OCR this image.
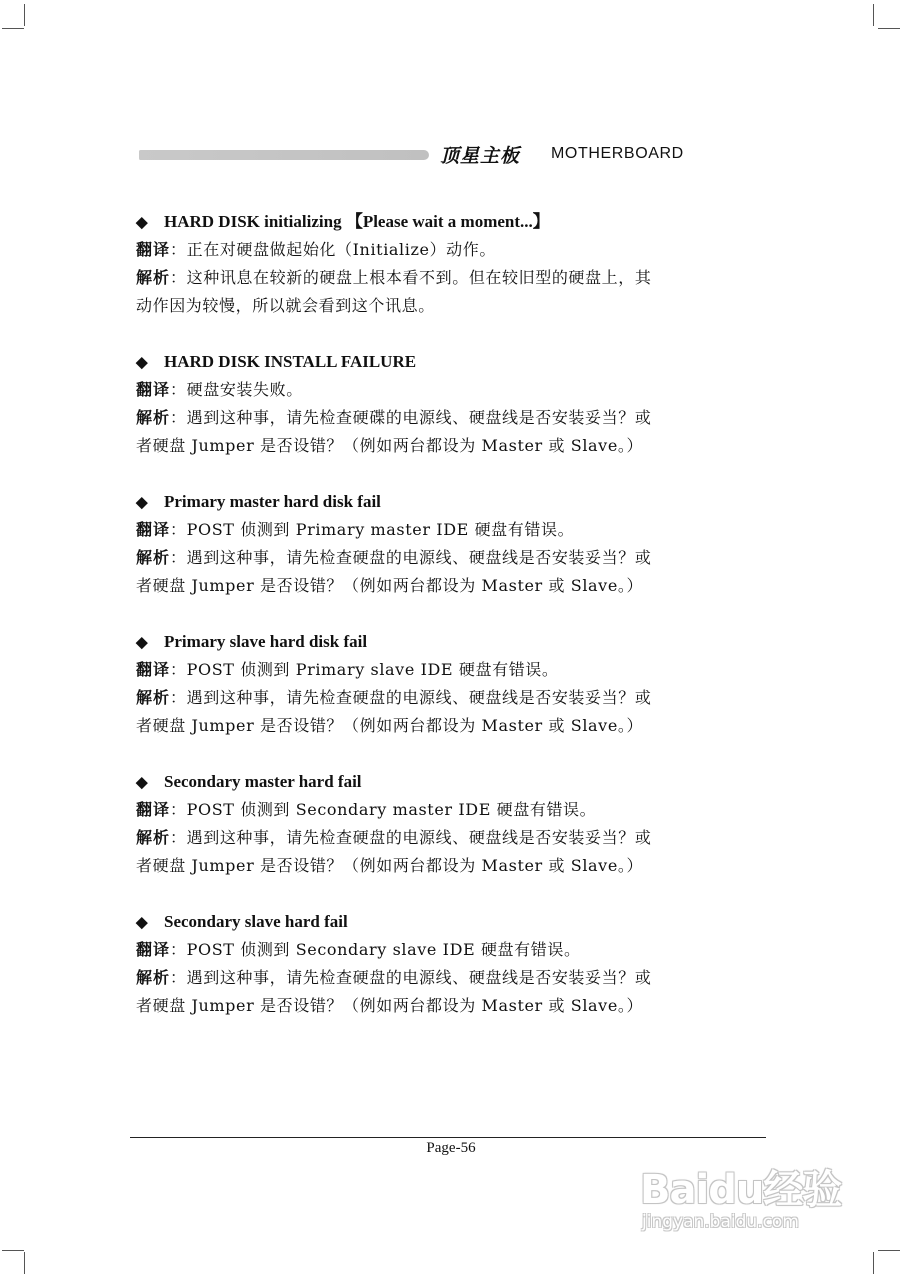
顶星主板 MOTHERBOARD
◆ HARD DISK initializing 【Please wait a moment...】
翻译：正在对硬盘做起始化（Initialize）动作。
解析：这种讯息在较新的硬盘上根本看不到。但在较旧型的硬盘上，其
动作因为较慢，所以就会看到这个讯息。
◆ HARD DISK INSTALL FAILURE
翻译：硬盘安装失败。
解析：遇到这种事，请先检查硬碟的电源线、硬盘线是否安装妥当？或
者硬盘 Jumper 是否设错？（例如两台都设为 Master 或 Slave。）
◆ Primary master hard disk fail
翻译：POST 侦测到 Primary master IDE 硬盘有错误。
解析：遇到这种事，请先检查硬盘的电源线、硬盘线是否安装妥当？或
者硬盘 Jumper 是否设错？（例如两台都设为 Master 或 Slave。）
◆ Primary slave hard disk fail
翻译：POST 侦测到 Primary slave IDE 硬盘有错误。
解析：遇到这种事，请先检查硬盘的电源线、硬盘线是否安装妥当？或
者硬盘 Jumper 是否设错？（例如两台都设为 Master 或 Slave。）
◆ Secondary master hard fail
翻译：POST 侦测到 Secondary master IDE 硬盘有错误。
解析：遇到这种事，请先检查硬盘的电源线、硬盘线是否安装妥当？或
者硬盘 Jumper 是否设错？（例如两台都设为 Master 或 Slave。）
◆ Secondary slave hard fail
翻译：POST 侦测到 Secondary slave IDE 硬盘有错误。
解析：遇到这种事，请先检查硬盘的电源线、硬盘线是否安装妥当？或
者硬盘 Jumper 是否设错？（例如两台都设为 Master 或 Slave。）
Page-56
Baidu经验
jingyan.baidu.com
